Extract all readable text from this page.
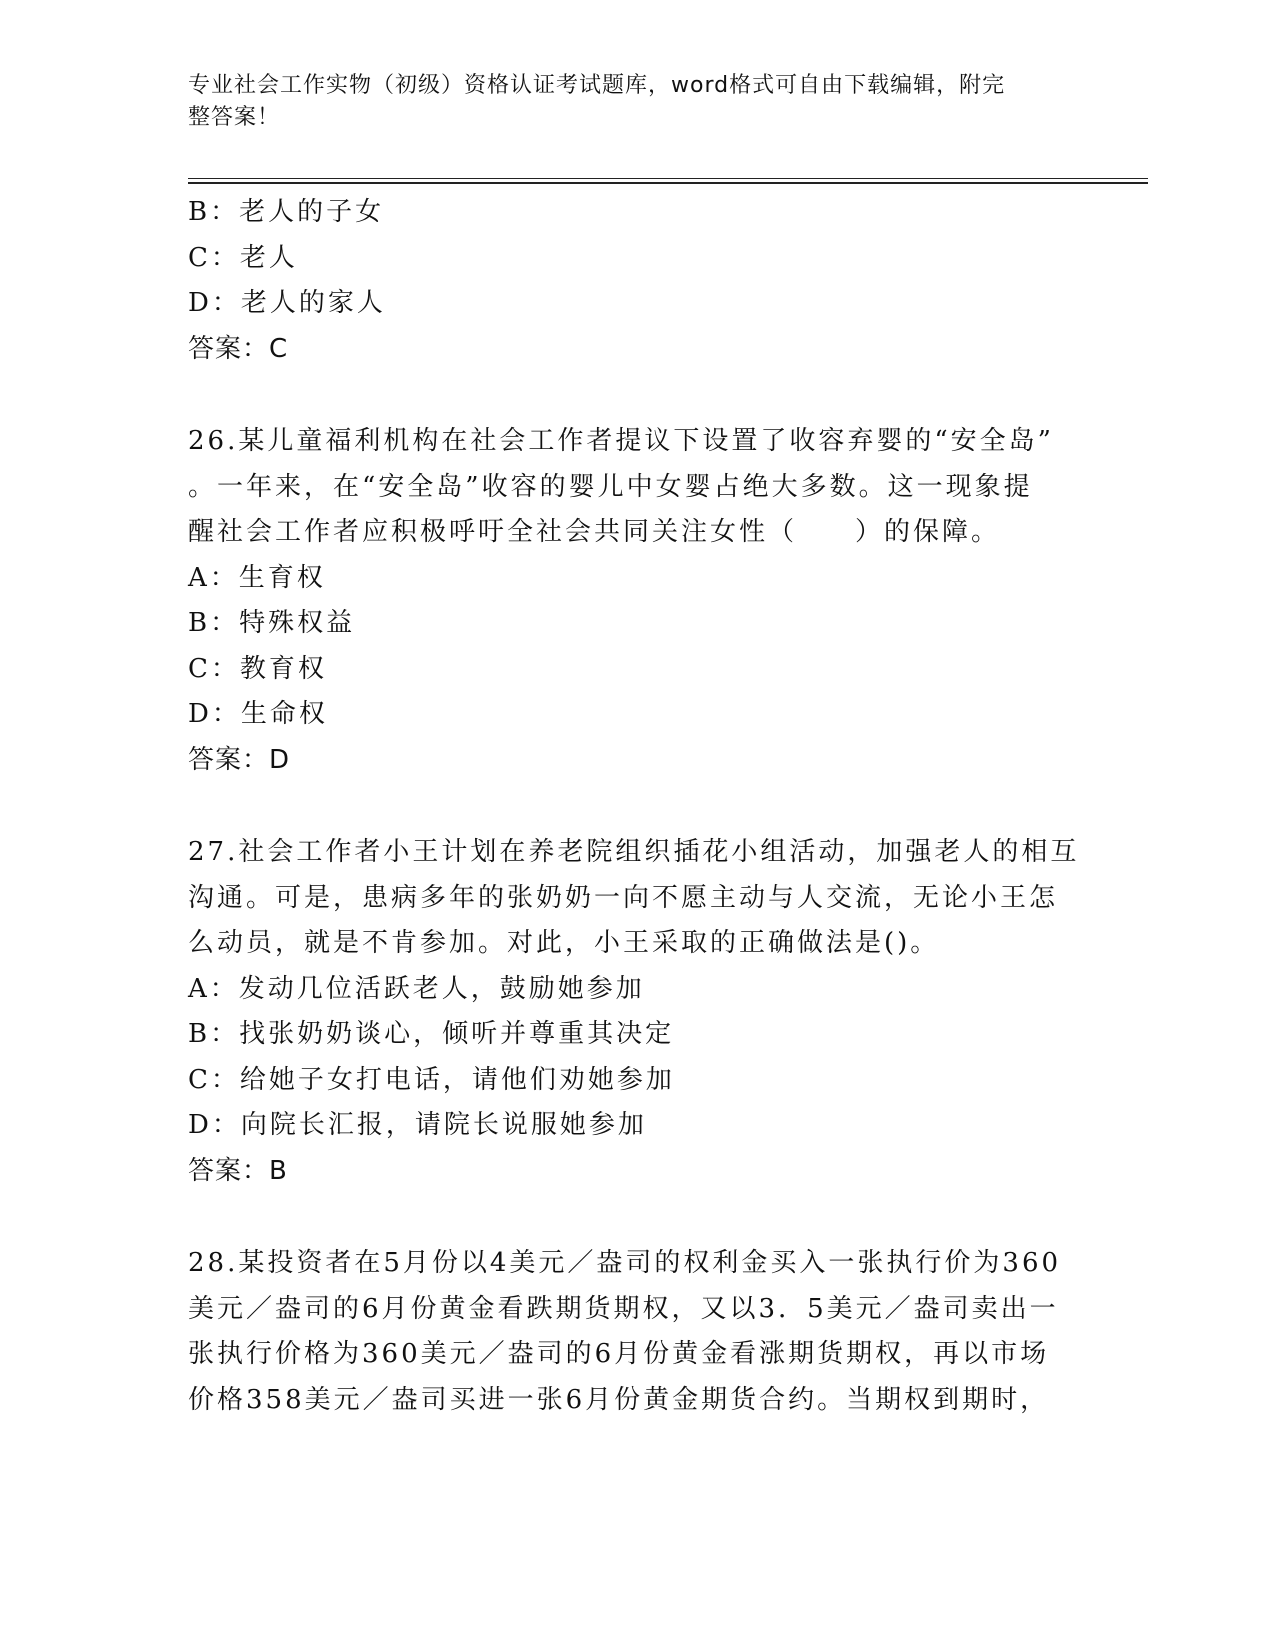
专业社会工作实物（初级）资格认证考试题库，word格式可自由下载编辑，附完
整答案！
B：老人的子女
C：老人
D：老人的家人
答案：C
26.某儿童福利机构在社会工作者提议下设置了收容弃婴的“安全岛”
。一年来，在“安全岛”收容的婴儿中女婴占绝大多数。这一现象提
醒社会工作者应积极呼吁全社会共同关注女性（　　）的保障。
A：生育权
B：特殊权益
C：教育权
D：生命权
答案：D
27.社会工作者小王计划在养老院组织插花小组活动，加强老人的相互
沟通。可是，患病多年的张奶奶一向不愿主动与人交流，无论小王怎
么动员，就是不肯参加。对此，小王采取的正确做法是()。
A：发动几位活跃老人，鼓励她参加
B：找张奶奶谈心，倾听并尊重其决定
C：给她子女打电话，请他们劝她参加
D：向院长汇报，请院长说服她参加
答案：B
28.某投资者在5月份以4美元／盎司的权利金买入一张执行价为360
美元／盎司的6月份黄金看跌期货期权，又以3．5美元／盎司卖出一
张执行价格为360美元／盎司的6月份黄金看涨期货期权，再以市场
价格358美元／盎司买进一张6月份黄金期货合约。当期权到期时，
